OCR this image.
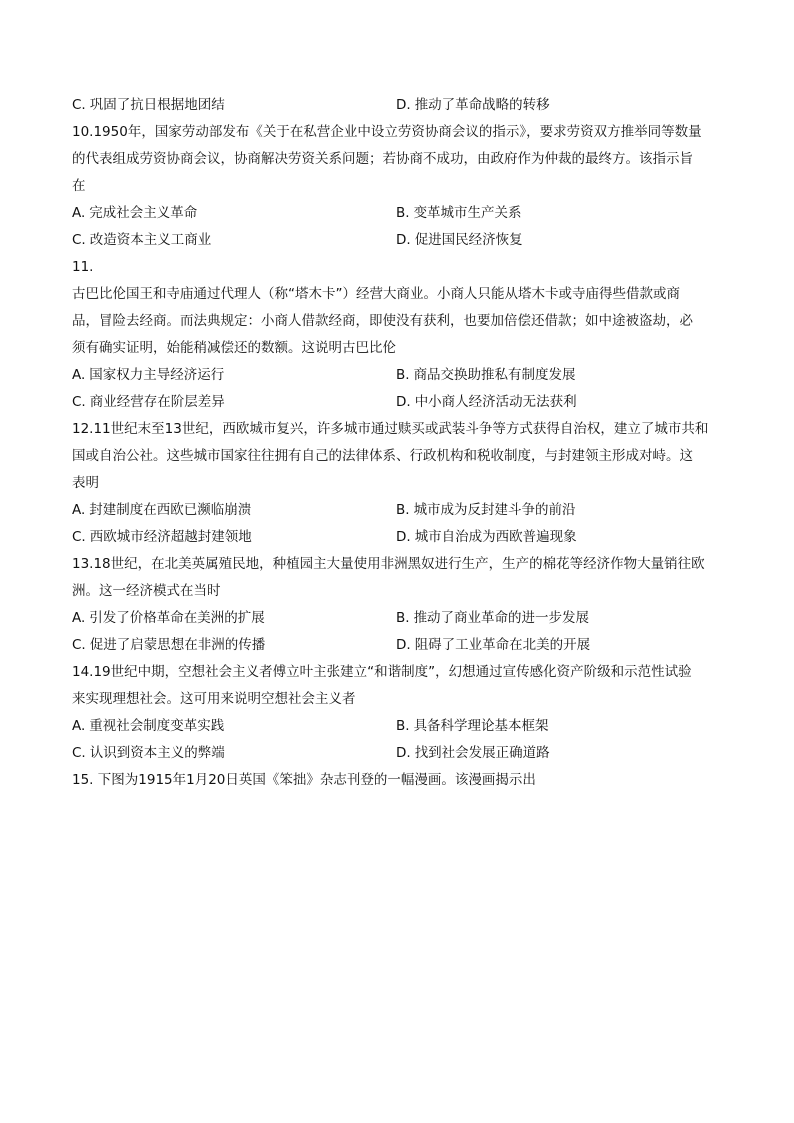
C. 巩固了抗日根据地团结	D. 推动了革命战略的转移
10.1950年，国家劳动部发布《关于在私营企业中设立劳资协商会议的指示》，要求劳资双方推举同等数量
的代表组成劳资协商会议，协商解决劳资关系问题；若协商不成功，由政府作为仲裁的最终方。该指示旨
在
A. 完成社会主义革命	B. 变革城市生产关系
C. 改造资本主义工商业	D. 促进国民经济恢复
11.
古巴比伦国王和寺庙通过代理人（称“塔木卡”）经营大商业。小商人只能从塔木卡或寺庙得些借款或商
品，冒险去经商。而法典规定：小商人借款经商，即使没有获利，也要加倍偿还借款；如中途被盗劫，必
须有确实证明，始能稍减偿还的数额。这说明古巴比伦
A. 国家权力主导经济运行	B. 商品交换助推私有制度发展
C. 商业经营存在阶层差异	D. 中小商人经济活动无法获利
12.11世纪末至13世纪，西欧城市复兴，许多城市通过赎买或武装斗争等方式获得自治权，建立了城市共和
国或自治公社。这些城市国家往往拥有自己的法律体系、行政机构和税收制度，与封建领主形成对峙。这
表明
A. 封建制度在西欧已濒临崩溃	B. 城市成为反封建斗争的前沿
C. 西欧城市经济超越封建领地	D. 城市自治成为西欧普遍现象
13.18世纪，在北美英属殖民地，种植园主大量使用非洲黑奴进行生产，生产的棉花等经济作物大量销往欧
洲。这一经济模式在当时
A. 引发了价格革命在美洲的扩展	B. 推动了商业革命的进一步发展
C. 促进了启蒙思想在非洲的传播	D. 阻碍了工业革命在北美的开展
14.19世纪中期，空想社会主义者傅立叶主张建立“和谐制度”，幻想通过宣传感化资产阶级和示范性试验
来实现理想社会。这可用来说明空想社会主义者
A. 重视社会制度变革实践	B. 具备科学理论基本框架
C. 认识到资本主义的弊端	D. 找到社会发展正确道路
15. 下图为1915年1月20日英国《笨拙》杂志刊登的一幅漫画。该漫画揭示出
